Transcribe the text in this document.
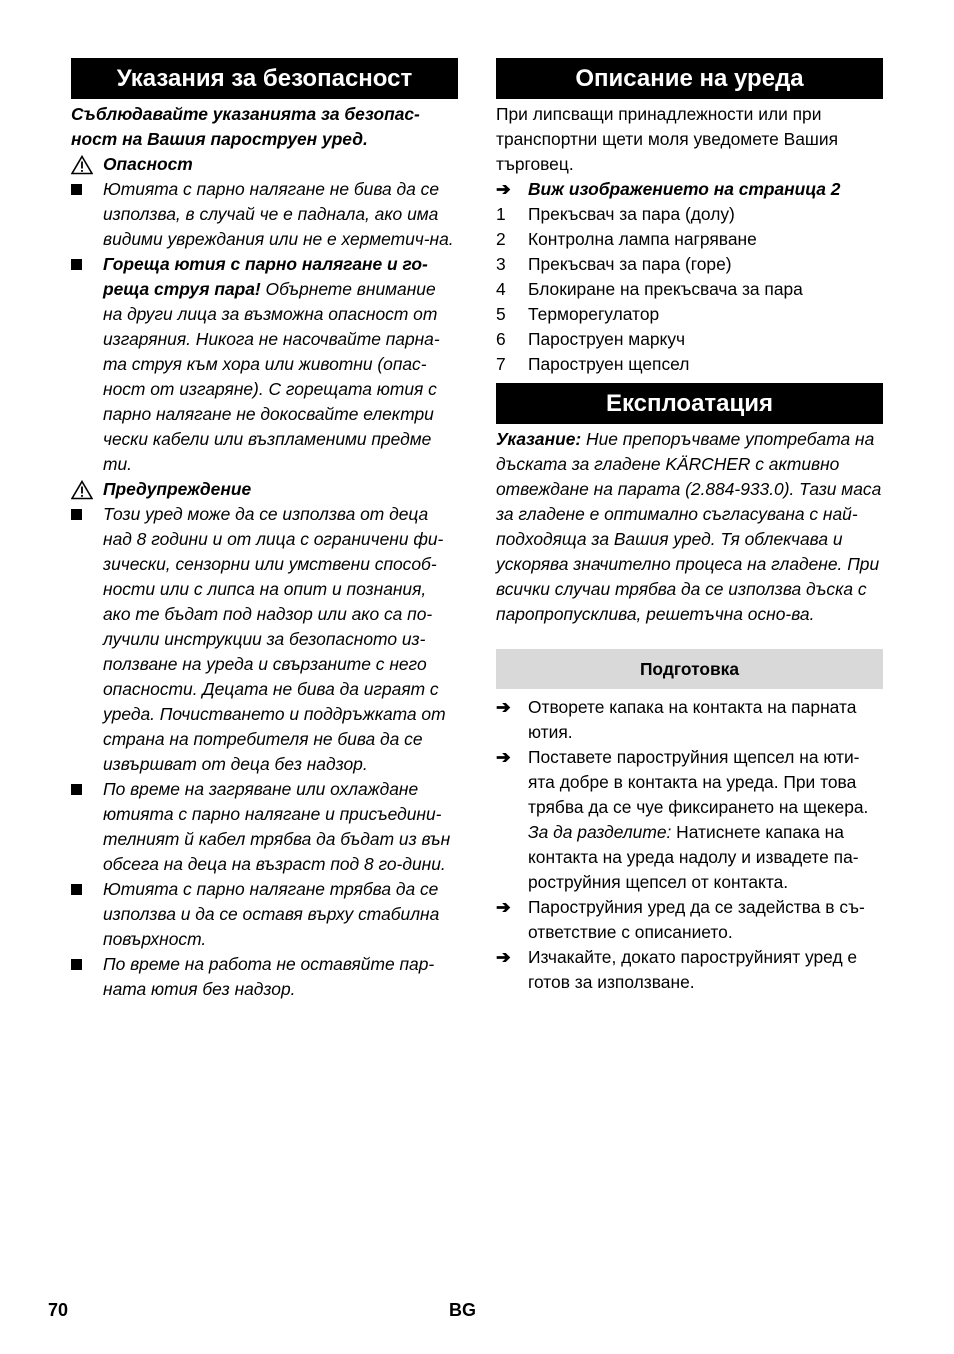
Указания за безопасност

Съблюдавайте указанията за безопас-ност на Вашия пароструен уред.

Опасност
Ютията с парно налягане не бива да се използва, в случай че е паднала, ако има видими увреждания или не е херметич-на.
Гореща ютия с парно налягане и го-реща струя пара! Обърнете внимание на други лица за възможна опасност от изгаряния. Никога не насочвайте парна-та струя към хора или животни (опас-ност от изгаряне). С горещата ютия с парно налягане не докосвайте електри чески кабели или възпламеними предме ти.
Предупреждение
Този уред може да се използва от деца над 8 години и от лица с ограничени фи-зически, сензорни или умствени способ-ности или с липса на опит и познания, ако те бъдат под надзор или ако са по-лучили инструкции за безопасното из-ползване на уреда и свързаните с него опасности. Децата не бива да играят с уреда. Почистването и поддръжката от страна на потребителя не бива да се извършват от деца без надзор.
По време на загряване или охлаждане ютията с парно налягане и присъедини-телният й кабел трябва да бъдат из вън обсега на деца на възраст под 8 го-дини.
Ютията с парно налягане трябва да се използва и да се оставя върху стабилна повърхност.
По време на работа не оставяйте пар-ната ютия без надзор.
Описание на уреда

При липсващи принадлежности или при транспортни щети моля уведомете Вашия търговец.

➔	Виж изображението на страница 2
1	Прекъсвач за пара (долу)
2	Контролна лампа нагряване
3	Прекъсвач за пара (горе)
4	Блокиране на прекъсвача за пара
5	Терморегулатор
6	Пароструен маркуч
7	Пароструен щепсел
Експлоатация

Указание: Ние препоръчваме употребата на дъската за гладене KÄRCHER с активно отвеждане на парата (2.884-933.0). Тази маса за гладене е оптимално съгласувана с най-подходяща за Вашия уред. Тя облекчава и ускорява значително процеса на гладене. При всички случаи трябва да се използва дъска с паропропусклива, решетъчна осно-ва.

Подготовка
➔	Отворете капака на контакта на парната ютия.
➔	Поставете пароструйния щепсел на юти-ята добре в контакта на уреда. При това трябва да се чуе фиксирането на щекера. За да разделите: Натиснете капака на контакта на уреда надолу и извадете па-роструйния щепсел от контакта.
➔	Пароструйния уред да се задейства в съ-ответствие с описанието.
➔	Изчакайте, докато пароструйният уред е готов за използване.
70	BG
